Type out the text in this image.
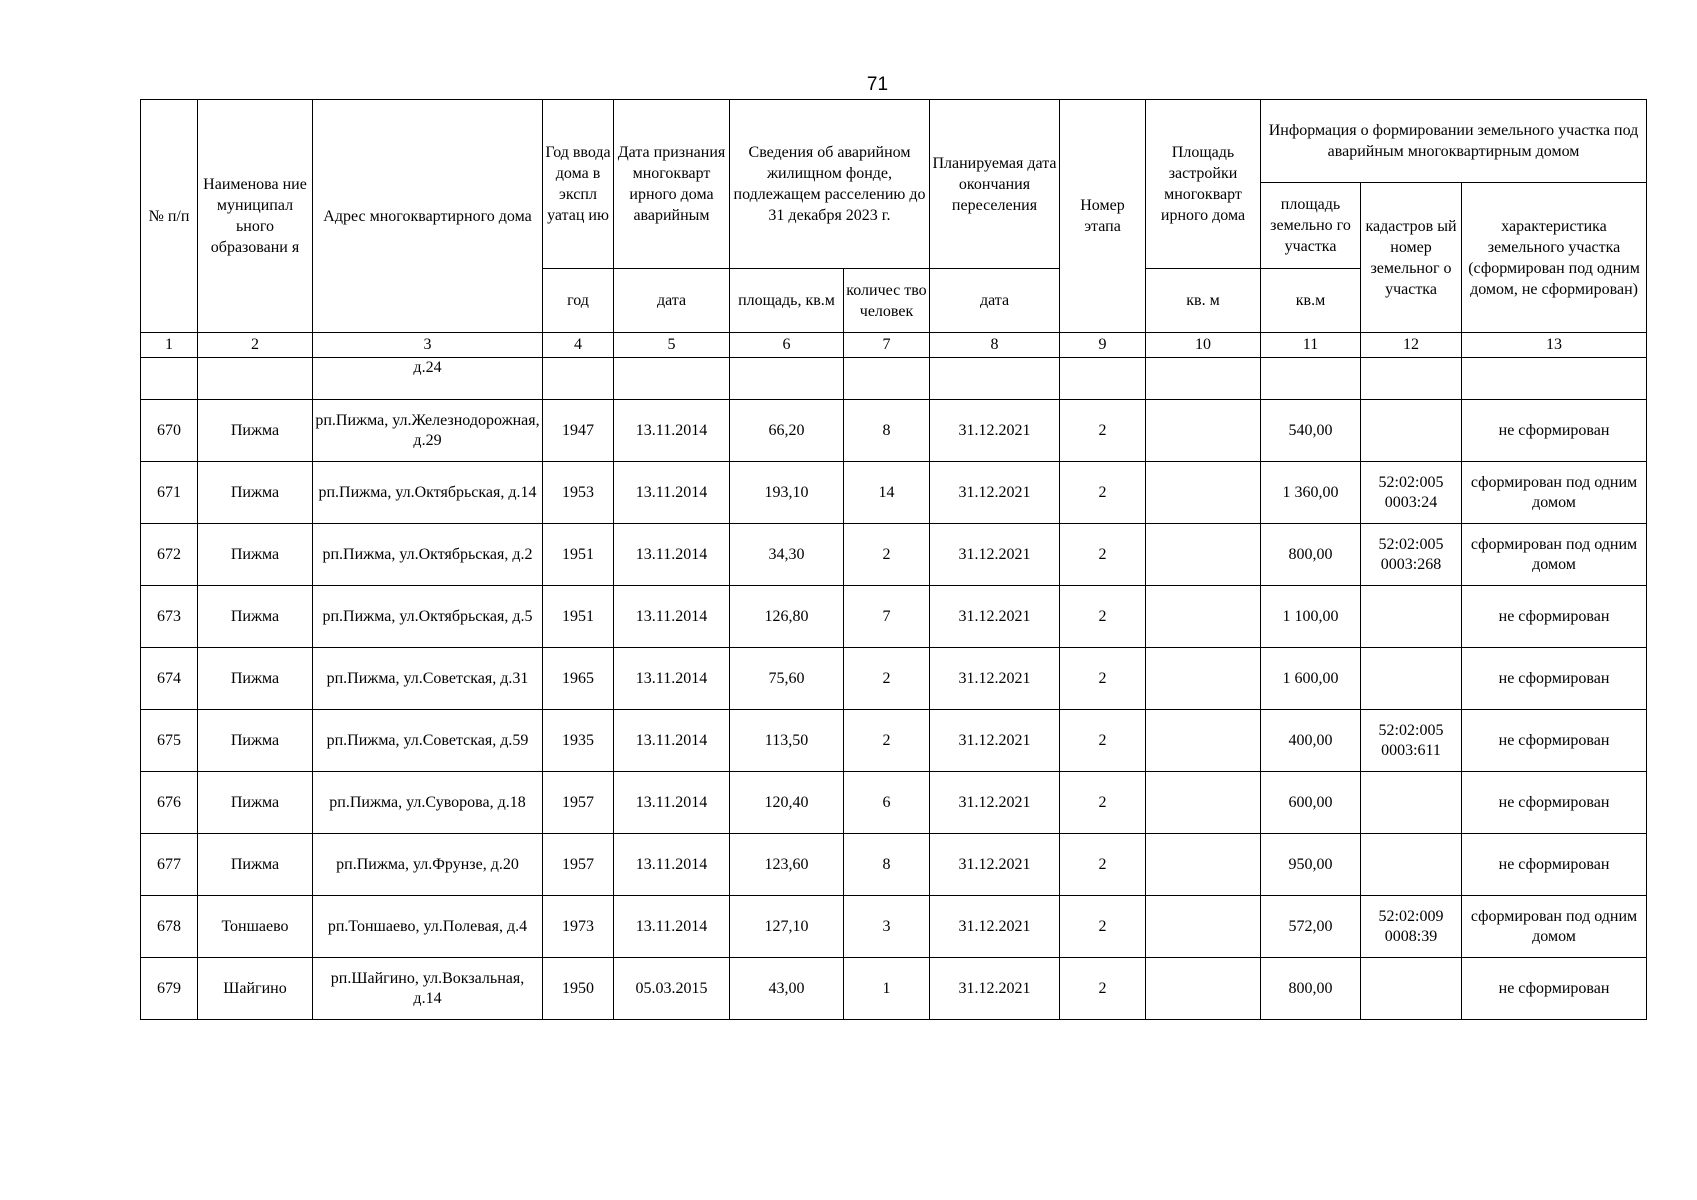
71
№ п/п	Наименова ние муниципал ьного образовани я	Адрес многоквартирного дома	Год ввода дома в экспл уатац ию	Дата признания многокварт ирного дома аварийным	Сведения об аварийном жилищном фонде, подлежащем расселению до 31 декабря 2023 г.		Планируемая дата окончания переселения	Номер этапа	Площадь застройки многокварт ирного дома	Информация о формировании земельного участка под аварийным многоквартирным домом		
										площадь земельно го участка	кадастров ый номер земельног о участка	характеристика земельного участка (сформирован под одним домом, не сформирован)
			год	дата	площадь, кв.м	количес тво человек	дата		кв. м	кв.м		
1	2	3	4	5	6	7	8	9	10	11	12	13
		д.24										
670	Пижма	рп.Пижма, ул.Железнодорожная, д.29	1947	13.11.2014	66,20	8	31.12.2021	2		540,00		не сформирован
671	Пижма	рп.Пижма, ул.Октябрьская, д.14	1953	13.11.2014	193,10	14	31.12.2021	2		1 360,00	52:02:005 0003:24	сформирован под одним домом
672	Пижма	рп.Пижма, ул.Октябрьская, д.2	1951	13.11.2014	34,30	2	31.12.2021	2		800,00	52:02:005 0003:268	сформирован под одним домом
673	Пижма	рп.Пижма, ул.Октябрьская, д.5	1951	13.11.2014	126,80	7	31.12.2021	2		1 100,00		не сформирован
674	Пижма	рп.Пижма, ул.Советская, д.31	1965	13.11.2014	75,60	2	31.12.2021	2		1 600,00		не сформирован
675	Пижма	рп.Пижма, ул.Советская, д.59	1935	13.11.2014	113,50	2	31.12.2021	2		400,00	52:02:005 0003:611	не сформирован
676	Пижма	рп.Пижма, ул.Суворова, д.18	1957	13.11.2014	120,40	6	31.12.2021	2		600,00		не сформирован
677	Пижма	рп.Пижма, ул.Фрунзе, д.20	1957	13.11.2014	123,60	8	31.12.2021	2		950,00		не сформирован
678	Тоншаево	рп.Тоншаево, ул.Полевая, д.4	1973	13.11.2014	127,10	3	31.12.2021	2		572,00	52:02:009 0008:39	сформирован под одним домом
679	Шайгино	рп.Шайгино, ул.Вокзальная, д.14	1950	05.03.2015	43,00	1	31.12.2021	2		800,00		не сформирован
